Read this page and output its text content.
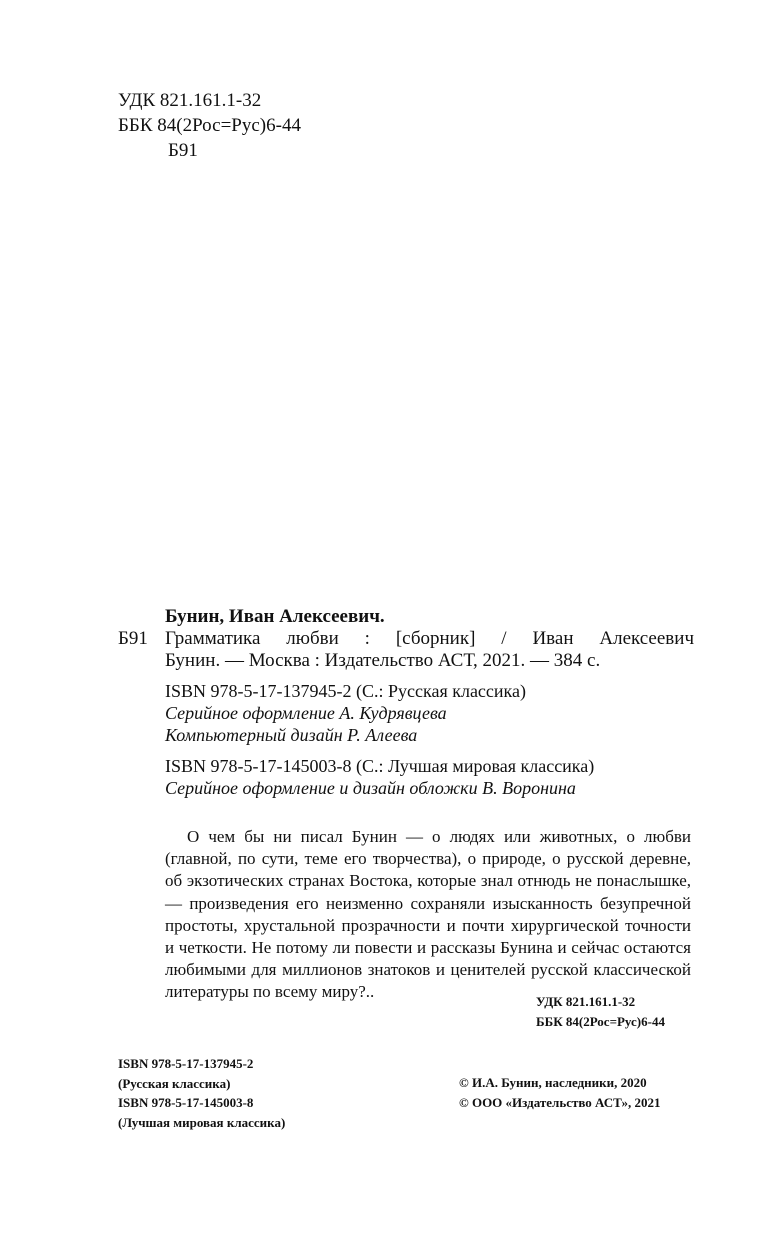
УДК 821.161.1-32
ББК 84(2Рос=Рус)6-44
Б91
Бунин, Иван Алексеевич.
Б91 Грамматика любви : [сборник] / Иван Алексеевич
Бунин. — Москва : Издательство АСТ, 2021. — 384 с.
ISBN 978-5-17-137945-2 (С.: Русская классика)
Серийное оформление А. Кудрявцева
Компьютерный дизайн Р. Алеева
ISBN 978-5-17-145003-8 (С.: Лучшая мировая классика)
Серийное оформление и дизайн обложки В. Воронина
О чем бы ни писал Бунин — о людях или животных, о любви (главной, по сути, теме его творчества), о природе, о русской деревне, об экзотических странах Востока, которые знал отнюдь не понаслышке, — произведения его неизменно сохраняли изысканность безупречной простоты, хрустальной прозрачности и почти хирургической точности и четкости. Не потому ли повести и рассказы Бунина и сейчас остаются любимыми для миллионов знатоков и ценителей русской классической литературы по всему миру?..
УДК 821.161.1-32
ББК 84(2Рос=Рус)6-44
ISBN 978-5-17-137945-2
(Русская классика)
ISBN 978-5-17-145003-8
(Лучшая мировая классика)
© И.А. Бунин, наследники, 2020
© ООО «Издательство АСТ», 2021
